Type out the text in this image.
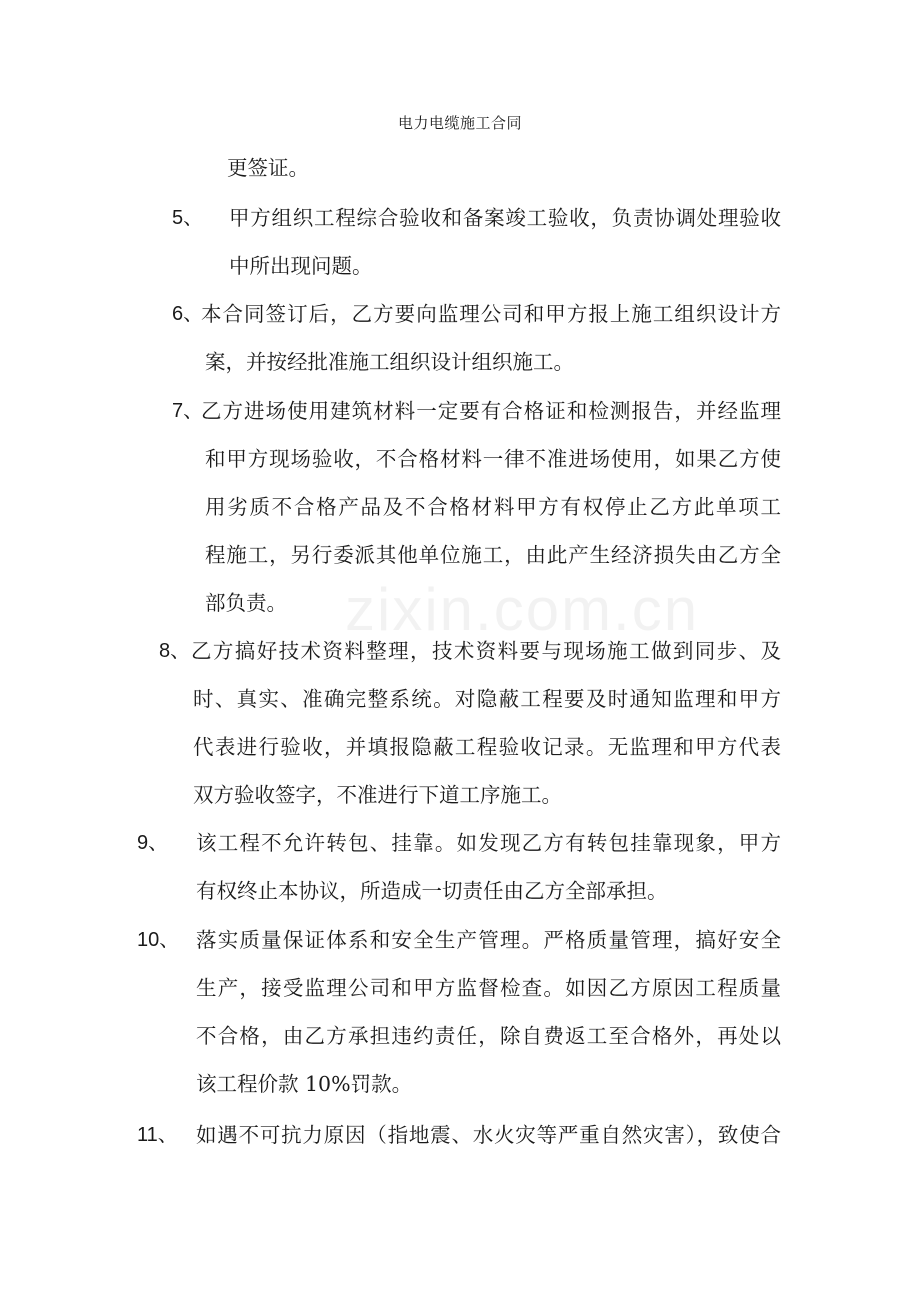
电力电缆施工合同
zixin.com.cn
更签证。
5、 甲方组织工程综合验收和备案竣工验收，负责协调处理验收
中所出现问题。
6、
本合同签订后，乙方要向监理公司和甲方报上施工组织设计方
案，并按经批准施工组织设计组织施工。
7、
乙方进场使用建筑材料一定要有合格证和检测报告，并经监理
和甲方现场验收，不合格材料一律不准进场使用，如果乙方使
用劣质不合格产品及不合格材料甲方有权停止乙方此单项工
程施工，另行委派其他单位施工，由此产生经济损失由乙方全
部负责。
8、 乙方搞好技术资料整理，技术资料要与现场施工做到同步、及
时、真实、准确完整系统。对隐蔽工程要及时通知监理和甲方
代表进行验收，并填报隐蔽工程验收记录。无监理和甲方代表
双方验收签字，不准进行下道工序施工。
9、 该工程不允许转包、挂靠。如发现乙方有转包挂靠现象，甲方
有权终止本协议，所造成一切责任由乙方全部承担。
10、 落实质量保证体系和安全生产管理。严格质量管理，搞好安全
生产，接受监理公司和甲方监督检查。如因乙方原因工程质量
不合格，由乙方承担违约责任，除自费返工至合格外，再处以
该工程价款 10%罚款。
11、 如遇不可抗力原因（指地震、水火灾等严重自然灾害），致使合
